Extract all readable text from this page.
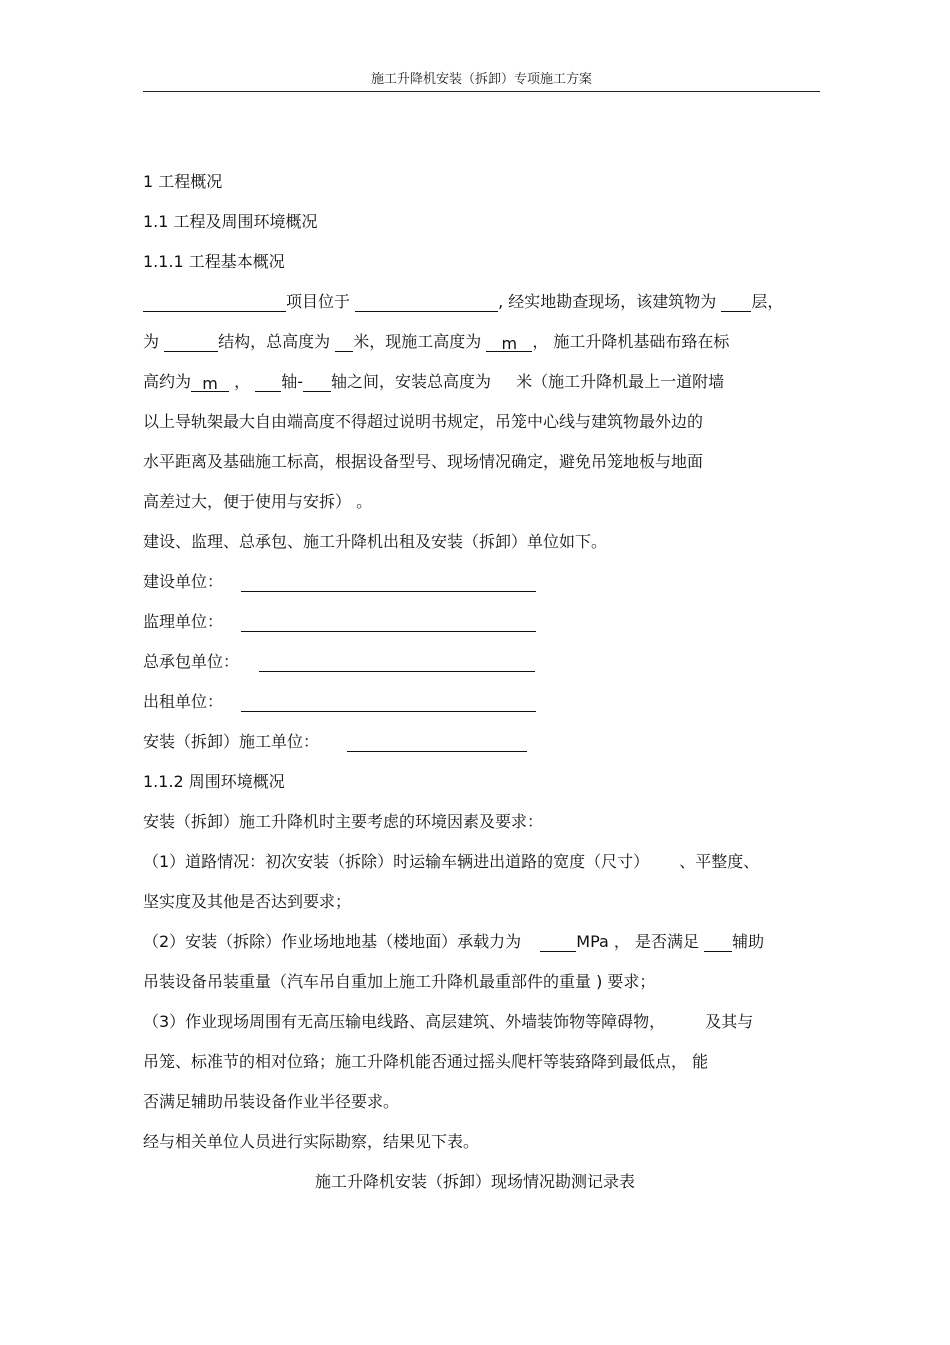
施工升降机安装（拆卸）专项施工方案
1 工程概况
1.1 工程及周围环境概况
1.1.1 工程基本概况
项目位于	, 经实地勘查现场，该建筑物为 层，
为	结构，总高度为 米，现施工高度为 m ， 施工升降机基础布臵在标
高约为 m ， 轴- 轴之间，安装总高度为 米（施工升降机最上一道附墙
以上导轨架最大自由端高度不得超过说明书规定，吊笼中心线与建筑物最外边的
水平距离及基础施工标高，根据设备型号、现场情况确定，避免吊笼地板与地面
高差过大，便于使用与安拆） 。
建设、监理、总承包、施工升降机出租及安装（拆卸）单位如下。
建设单位：
监理单位：
总承包单位：
出租单位：
安装（拆卸）施工单位：
1.1.2 周围环境概况
安装（拆卸）施工升降机时主要考虑的环境因素及要求：
（1）道路情况：初次安装（拆除）时运输车辆进出道路的宽度（尺寸） 、平整度、
坚实度及其他是否达到要求；
（2）安装（拆除）作业场地地基（楼地面）承载力为	MPa ， 是否满足 辅助
吊装设备吊装重量（汽车吊自重加上施工升降机最重部件的重量 ) 要求；
（3）作业现场周围有无高压输电线路、高层建筑、外墙装饰物等障碍物，	及其与
吊笼、标准节的相对位臵；施工升降机能否通过摇头爬杆等装臵降到最低点， 能
否满足辅助吊装设备作业半径要求。
经与相关单位人员进行实际勘察，结果见下表。
施工升降机安装（拆卸）现场情况勘测记录表
